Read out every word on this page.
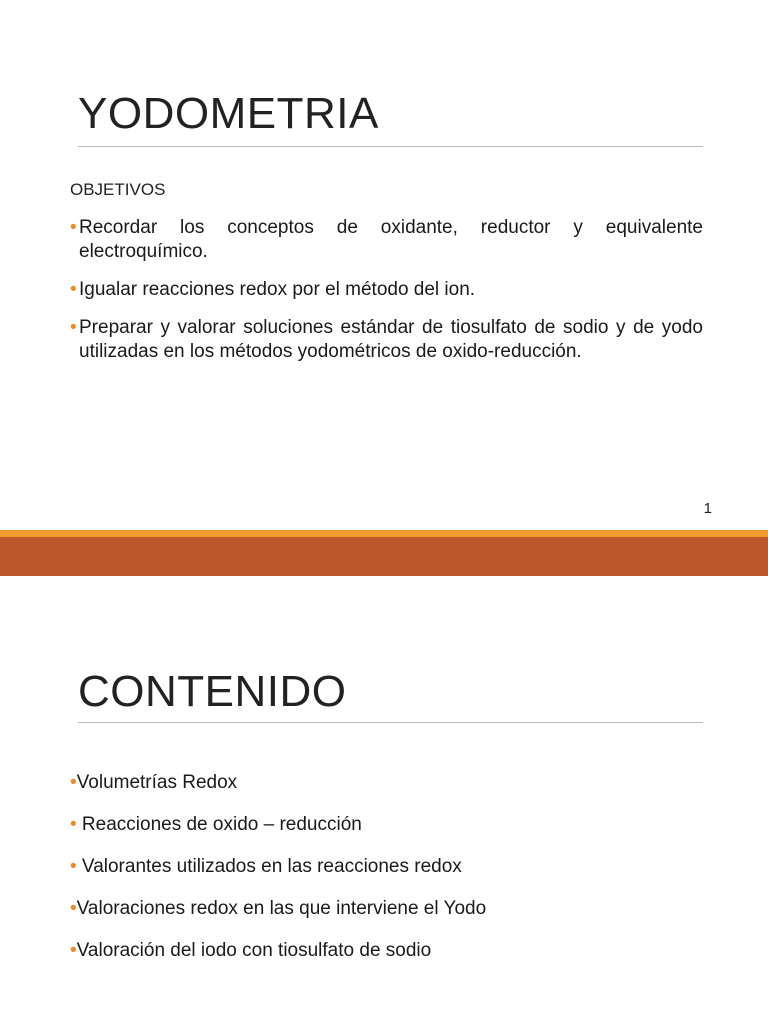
YODOMETRIA
OBJETIVOS
• Recordar los conceptos de oxidante, reductor y equivalente electroquímico.
• Igualar reacciones redox por el método del ion.
• Preparar y valorar soluciones estándar de tiosulfato de sodio y de yodo utilizadas en los métodos yodométricos de oxido-reducción.
1
CONTENIDO
•Volumetrías Redox
• Reacciones de oxido – reducción
• Valorantes utilizados en las reacciones redox
•Valoraciones redox en las que interviene el Yodo
•Valoración del iodo con tiosulfato de sodio
